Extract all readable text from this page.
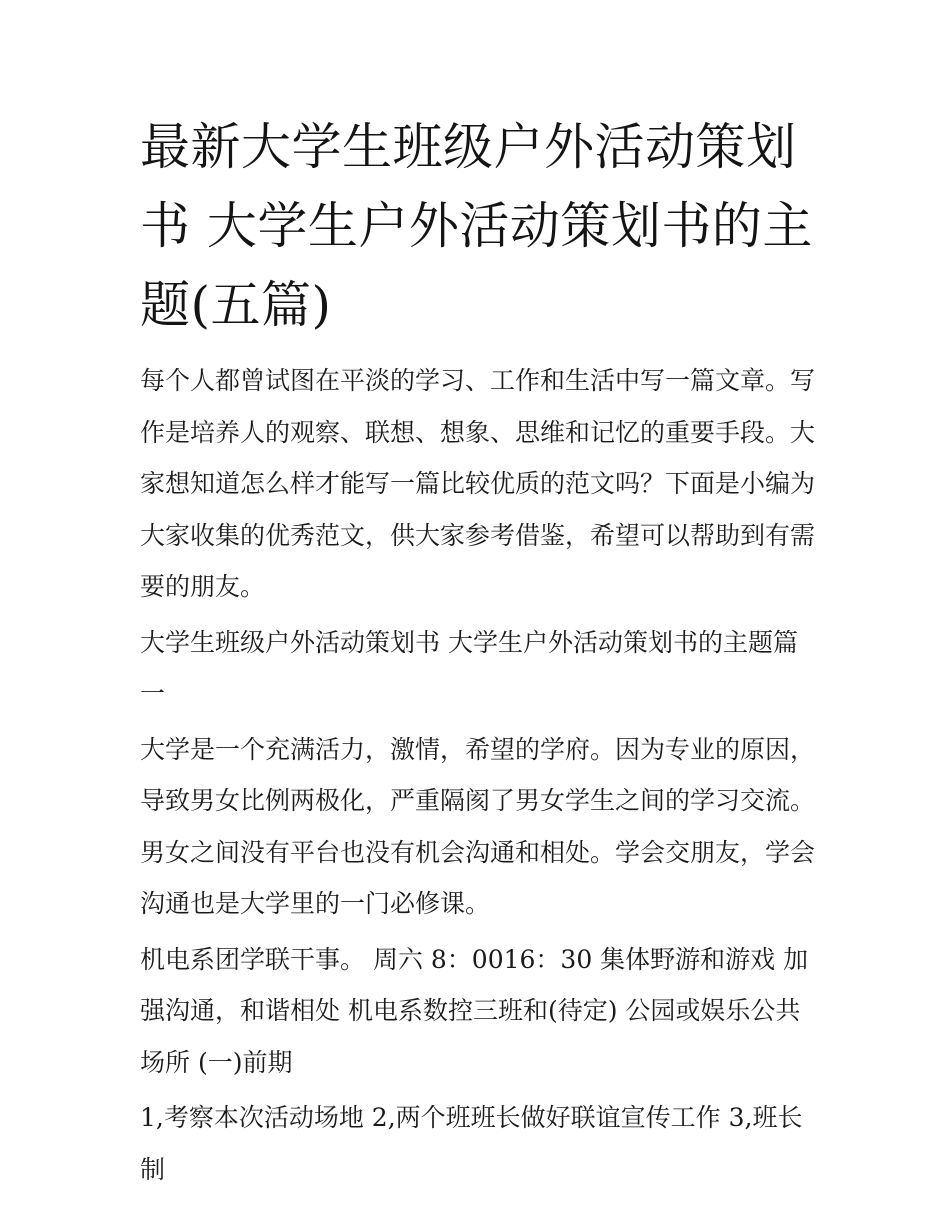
最新大学生班级户外活动策划书 大学生户外活动策划书的主题(五篇)

每个人都曾试图在平淡的学习、工作和生活中写一篇文章。写作是培养人的观察、联想、想象、思维和记忆的重要手段。大家想知道怎么样才能写一篇比较优质的范文吗？下面是小编为大家收集的优秀范文，供大家参考借鉴，希望可以帮助到有需要的朋友。

大学生班级户外活动策划书 大学生户外活动策划书的主题篇一

大学是一个充满活力，激情，希望的学府。因为专业的原因，导致男女比例两极化，严重隔阂了男女学生之间的学习交流。男女之间没有平台也没有机会沟通和相处。学会交朋友，学会沟通也是大学里的一门必修课。

机电系团学联干事。 周六 8：0016：30 集体野游和游戏 加强沟通，和谐相处 机电系数控三班和(待定) 公园或娱乐公共场所 (一)前期

1,考察本次活动场地 2,两个班班长做好联谊宣传工作 3,班长制
